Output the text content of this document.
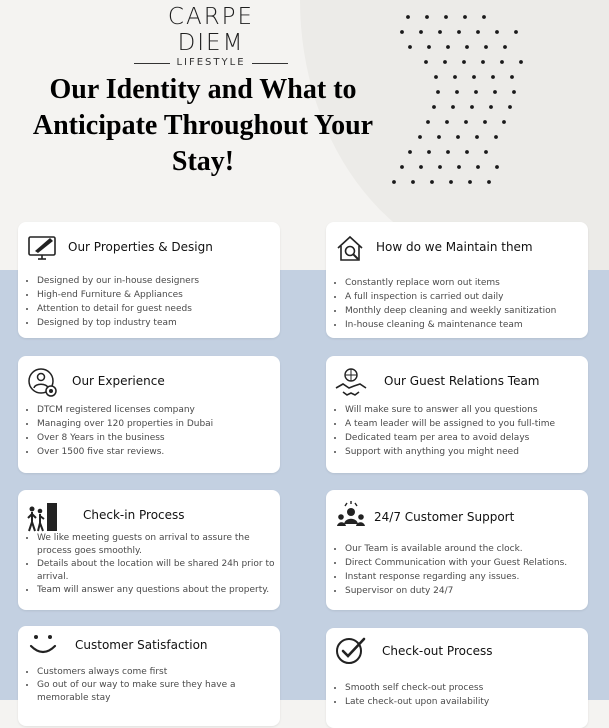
CARPE DIEM
LIFESTYLE
Our Identity and What to
Anticipate Throughout Your
Stay!
Our Properties & Design
• Designed by our in-house designers
• High-end Furniture & Appliances
• Attention to detail for guest needs
• Designed by top industry team
How do we Maintain them
• Constantly replace worn out items
• A full inspection is carried out daily
• Monthly deep cleaning and weekly sanitization
• In-house cleaning & maintenance team
Our Experience
• DTCM registered licenses company
• Managing over 120 properties in Dubai
• Over 8 Years in the business
• Over 1500 five star reviews.
Our Guest Relations Team
• Will make sure to answer all you questions
• A team leader will be assigned to you full-time
• Dedicated team per area to avoid delays
• Support with anything you might need
Check-in Process
• We like meeting guests on arrival to assure the process goes smoothly.
• Details about the location will be shared 24h prior to arrival.
• Team will answer any questions about the property.
24/7 Customer Support
• Our Team is available around the clock.
• Direct Communication with your Guest Relations.
• Instant response regarding any issues.
• Supervisor on duty 24/7
Customer Satisfaction
• Customers always come first
• Go out of our way to make sure they have a memorable stay
Check-out Process
• Smooth self check-out process
• Late check-out upon availability
